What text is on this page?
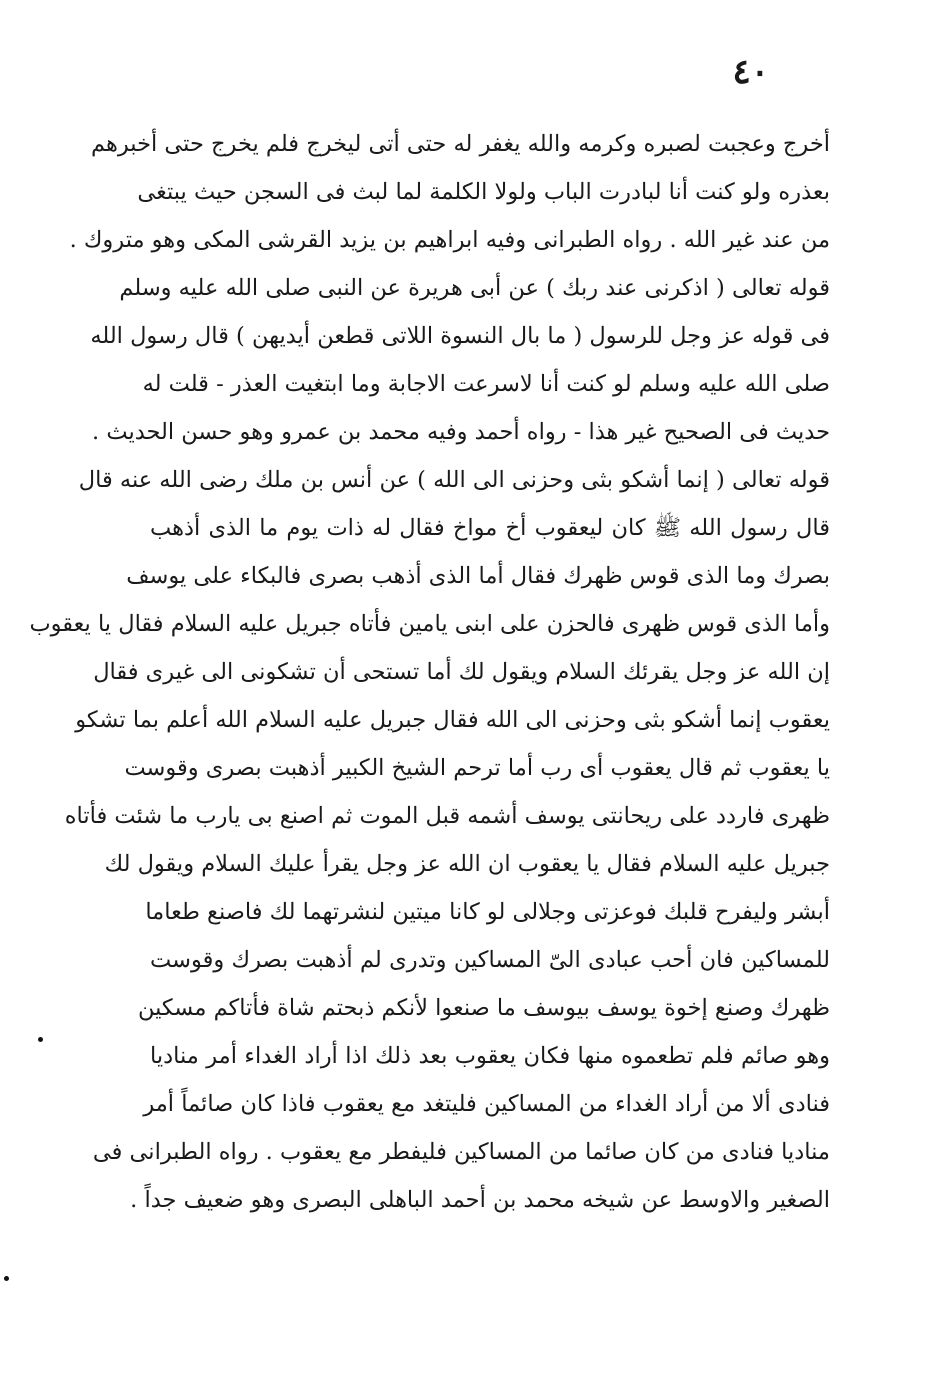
٤٠
أخرج وعجبت لصبره وكرمه والله يغفر له حتى أتى ليخرج فلم يخرج حتى أخبرهم
بعذره ولو كنت أنا لبادرت الباب ولولا الكلمة لما لبث فى السجن حيث يبتغى
من عند غير الله . رواه الطبرانى وفيه ابراهيم بن يزيد القرشى المكى وهو متروك .
قوله تعالى ( اذكرنى عند ربك ) عن أبى هريرة عن النبى صلى الله عليه وسلم
فى قوله عز وجل للرسول ( ما بال النسوة اللاتى قطعن أيديهن ) قال رسول الله
صلى الله عليه وسلم لو كنت أنا لاسرعت الاجابة وما ابتغيت العذر - قلت له
حديث فى الصحيح غير هذا - رواه أحمد وفيه محمد بن عمرو وهو حسن الحديث .
قوله تعالى ( إنما أشكو بثى وحزنى الى الله ) عن أنس بن ملك رضى الله عنه قال
قال رسول الله ﷺ كان ليعقوب أخ مواخ فقال له ذات يوم ما الذى أذهب
بصرك وما الذى قوس ظهرك فقال أما الذى أذهب بصرى فالبكاء على يوسف
وأما الذى قوس ظهرى فالحزن على ابنى يامين فأتاه جبريل عليه السلام فقال يا يعقوب
إن الله عز وجل يقرئك السلام ويقول لك أما تستحى أن تشكونى الى غيرى فقال
يعقوب إنما أشكو بثى وحزنى الى الله فقال جبريل عليه السلام الله أعلم بما تشكو
يا يعقوب ثم قال يعقوب أى رب أما ترحم الشيخ الكبير أذهبت بصرى وقوست
ظهرى فاردد على ريحانتى يوسف أشمه قبل الموت ثم اصنع بى يارب ما شئت فأتاه
جبريل عليه السلام فقال يا يعقوب ان الله عز وجل يقرأ عليك السلام ويقول لك
أبشر وليفرح قلبك فوعزتى وجلالى لو كانا ميتين لنشرتهما لك فاصنع طعاما
للمساكين فان أحب عبادى الىّ المساكين وتدرى لم أذهبت بصرك وقوست
ظهرك وصنع إخوة يوسف بيوسف ما صنعوا لأنكم ذبحتم شاة فأتاكم مسكين
وهو صائم فلم تطعموه منها فكان يعقوب بعد ذلك اذا أراد الغداء أمر مناديا
فنادى ألا من أراد الغداء من المساكين فليتغد مع يعقوب فاذا كان صائماً أمر
مناديا فنادى من كان صائما من المساكين فليفطر مع يعقوب . رواه الطبرانى فى
الصغير والاوسط عن شيخه محمد بن أحمد الباهلى البصرى وهو ضعيف جداً .
